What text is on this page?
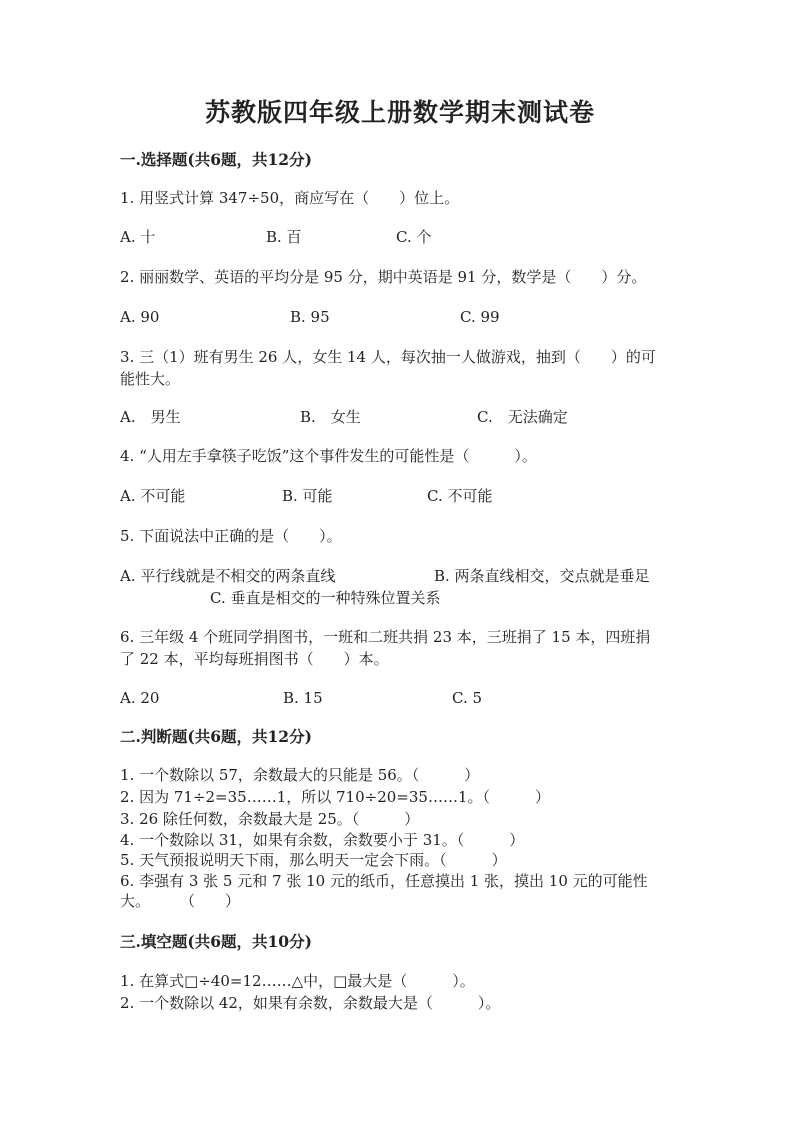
苏教版四年级上册数学期末测试卷
一.选择题(共6题，共12分)
1. 用竖式计算 347÷50，商应写在（　　）位上。
A. 十	B. 百	C. 个
2. 丽丽数学、英语的平均分是 95 分，期中英语是 91 分，数学是（　　）分。
A. 90	B. 95	C. 99
3. 三（1）班有男生 26 人，女生 14 人，每次抽一人做游戏，抽到（　　）的可
能性大。
A.　男生	B.　女生	C.　无法确定
4. “人用左手拿筷子吃饭”这个事件发生的可能性是（　　　）。
A. 不可能	B. 可能	C. 不可能
5. 下面说法中正确的是（　　）。
A. 平行线就是不相交的两条直线	B. 两条直线相交，交点就是垂足
C. 垂直是相交的一种特殊位置关系
6. 三年级 4 个班同学捐图书，一班和二班共捐 23 本，三班捐了 15 本，四班捐
了 22 本，平均每班捐图书（　　）本。
A. 20	B. 15	C. 5
二.判断题(共6题，共12分)
1. 一个数除以 57，余数最大的只能是 56。（　　　）
2. 因为 71÷2=35……1，所以 710÷20=35……1。（　　　）
3. 26 除任何数，余数最大是 25。（　　　）
4. 一个数除以 31，如果有余数，余数要小于 31。（　　　）
5. 天气预报说明天下雨，那么明天一定会下雨。（　　　）
6. 李强有 3 张 5 元和 7 张 10 元的纸币，任意摸出 1 张，摸出 10 元的可能性
大。　　　（　　）
三.填空题(共6题，共10分)
1. 在算式□÷40=12……△中，□最大是（　　　）。
2. 一个数除以 42，如果有余数，余数最大是（　　　）。
